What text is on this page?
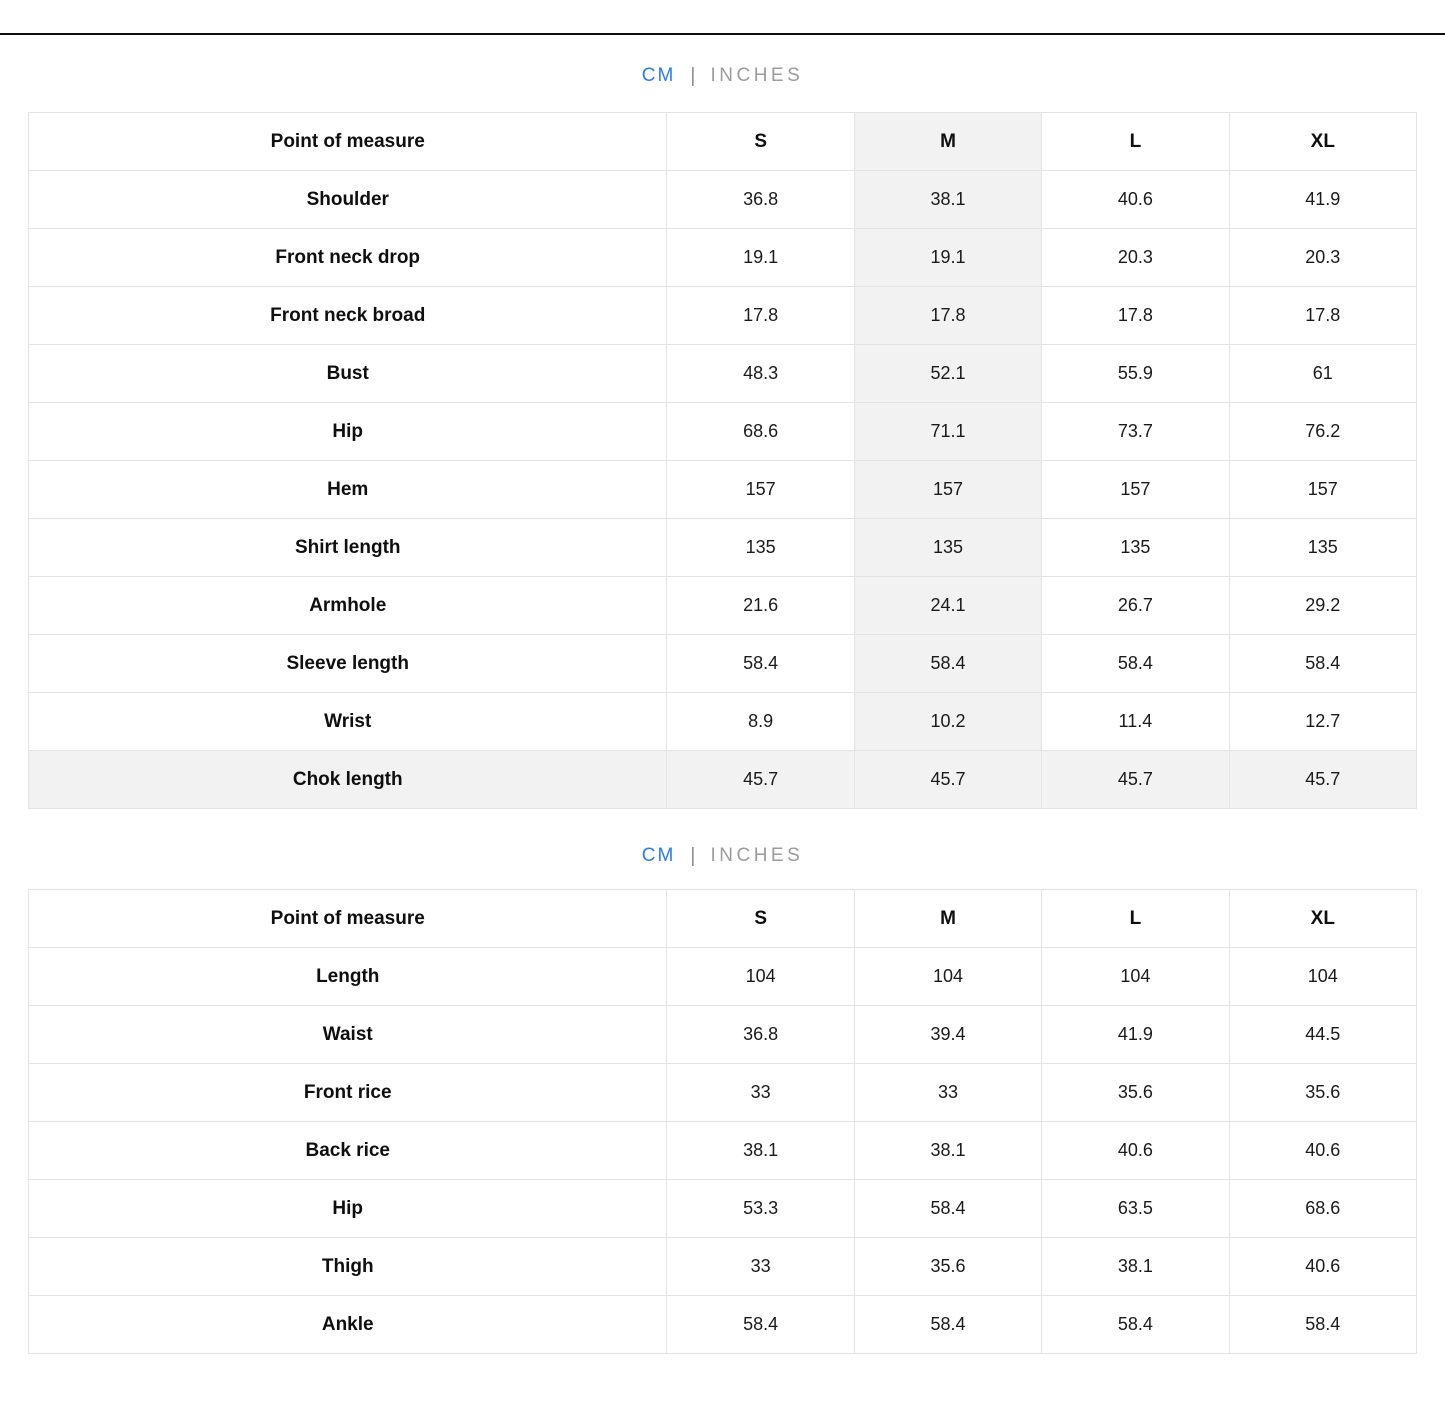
CM | INCHES
Point of measure	S	M	L	XL
Shoulder	36.8	38.1	40.6	41.9
Front neck drop	19.1	19.1	20.3	20.3
Front neck broad	17.8	17.8	17.8	17.8
Bust	48.3	52.1	55.9	61
Hip	68.6	71.1	73.7	76.2
Hem	157	157	157	157
Shirt length	135	135	135	135
Armhole	21.6	24.1	26.7	29.2
Sleeve length	58.4	58.4	58.4	58.4
Wrist	8.9	10.2	11.4	12.7
Chok length	45.7	45.7	45.7	45.7
CM | INCHES
Point of measure	S	M	L	XL
Length	104	104	104	104
Waist	36.8	39.4	41.9	44.5
Front rice	33	33	35.6	35.6
Back rice	38.1	38.1	40.6	40.6
Hip	53.3	58.4	63.5	68.6
Thigh	33	35.6	38.1	40.6
Ankle	58.4	58.4	58.4	58.4
